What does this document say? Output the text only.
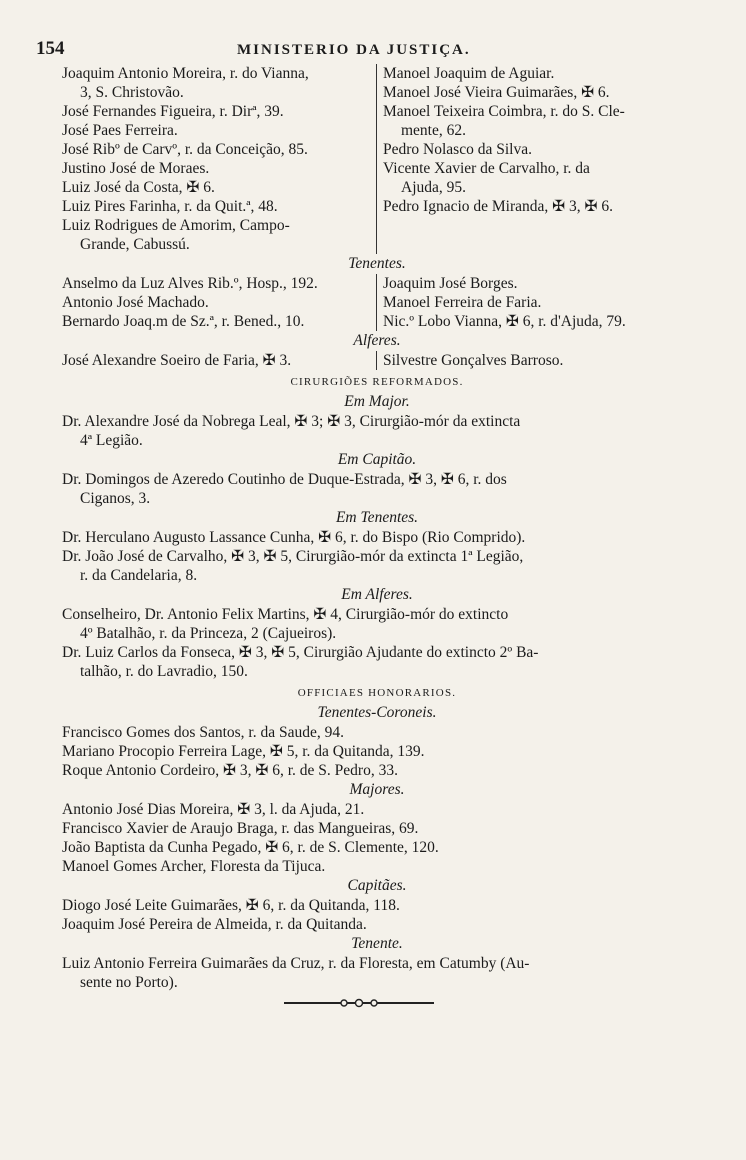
154	MINISTERIO DA JUSTIÇA.
Joaquim Antonio Moreira, r. do Vianna,
3, S. Christovão.
José Fernandes Figueira, r. Dirª, 39.
José Paes Ferreira.
José Ribº de Carvº, r. da Conceição, 85.
Justino José de Moraes.
Luiz José da Costa, ✠ 6.
Luiz Pires Farinha, r. da Quit.ª, 48.
Luiz Rodrigues de Amorim, Campo-
Grande, Cabussú.
Manoel Joaquim de Aguiar.
Manoel José Vieira Guimarães, ✠ 6.
Manoel Teixeira Coimbra, r. do S. Cle-
mente, 62.
Pedro Nolasco da Silva.
Vicente Xavier de Carvalho, r. da
Ajuda, 95.
Pedro Ignacio de Miranda, ✠ 3, ✠ 6.
Tenentes.
Anselmo da Luz Alves Rib.º, Hosp., 192.
Antonio José Machado.
Bernardo Joaq.m de Sz.ª, r. Bened., 10.
Joaquim José Borges.
Manoel Ferreira de Faria.
Nic.º Lobo Vianna, ✠ 6, r. d'Ajuda, 79.
Alferes.
José Alexandre Soeiro de Faria, ✠ 3.	Silvestre Gonçalves Barroso.
CIRURGIÕES REFORMADOS.
Em Major.
Dr. Alexandre José da Nobrega Leal, ✠ 3; ✠ 3, Cirurgião-mór da extincta
4ª Legião.
Em Capitão.
Dr. Domingos de Azeredo Coutinho de Duque-Estrada, ✠ 3, ✠ 6, r. dos
Ciganos, 3.
Em Tenentes.
Dr. Herculano Augusto Lassance Cunha, ✠ 6, r. do Bispo (Rio Comprido).
Dr. João José de Carvalho, ✠ 3, ✠ 5, Cirurgião-mór da extincta 1ª Legião,
r. da Candelaria, 8.
Em Alferes.
Conselheiro, Dr. Antonio Felix Martins, ✠ 4, Cirurgião-mór do extincto
4º Batalhão, r. da Princeza, 2 (Cajueiros).
Dr. Luiz Carlos da Fonseca, ✠ 3, ✠ 5, Cirurgião Ajudante do extincto 2º Ba-
talhão, r. do Lavradio, 150.
OFFICIAES HONORARIOS.
Tenentes-Coroneis.
Francisco Gomes dos Santos, r. da Saude, 94.
Mariano Procopio Ferreira Lage, ✠ 5, r. da Quitanda, 139.
Roque Antonio Cordeiro, ✠ 3, ✠ 6, r. de S. Pedro, 33.
Majores.
Antonio José Dias Moreira, ✠ 3, l. da Ajuda, 21.
Francisco Xavier de Araujo Braga, r. das Mangueiras, 69.
João Baptista da Cunha Pegado, ✠ 6, r. de S. Clemente, 120.
Manoel Gomes Archer, Floresta da Tijuca.
Capitães.
Diogo José Leite Guimarães, ✠ 6, r. da Quitanda, 118.
Joaquim José Pereira de Almeida, r. da Quitanda.
Tenente.
Luiz Antonio Ferreira Guimarães da Cruz, r. da Floresta, em Catumby (Au-
sente no Porto).
